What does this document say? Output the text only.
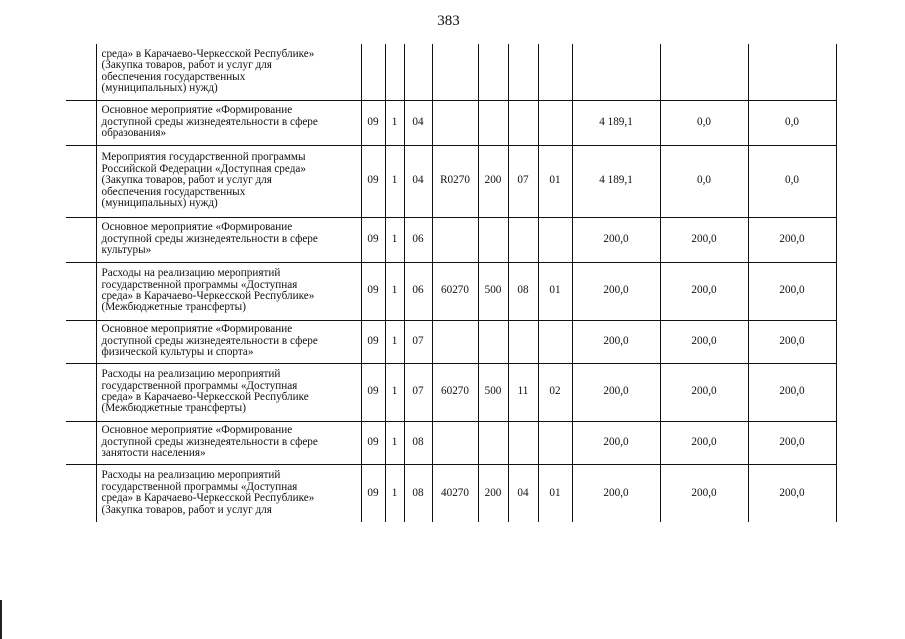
383

	среда» в Карачаево-Черкесской Республике»
(Закупка товаров, работ и услуг для
обеспечения государственных
(муниципальных) нужд)										

	Основное мероприятие «Формирование
доступной среды жизнедеятельности в сфере
образования»	09	1	04					4 189,1	0,0	0,0

	Мероприятия государственной программы
Российской Федерации «Доступная среда»
(Закупка товаров, работ и услуг для
обеспечения государственных
(муниципальных) нужд)	09	1	04	R0270	200	07	01	4 189,1	0,0	0,0

	Основное мероприятие «Формирование
доступной среды жизнедеятельности в сфере
культуры»	09	1	06					200,0	200,0	200,0

	Расходы на реализацию мероприятий
государственной программы «Доступная
среда» в Карачаево-Черкесской Республике»
(Межбюджетные трансферты)	09	1	06	60270	500	08	01	200,0	200,0	200,0

	Основное мероприятие «Формирование
доступной среды жизнедеятельности в сфере
физической культуры и спорта»	09	1	07					200,0	200,0	200,0

	Расходы на реализацию мероприятий
государственной программы «Доступная
среда» в Карачаево-Черкесской Республике
(Межбюджетные трансферты)	09	1	07	60270	500	11	02	200,0	200,0	200,0

	Основное мероприятие «Формирование
доступной среды жизнедеятельности в сфере
занятости населения»	09	1	08					200,0	200,0	200,0

	Расходы на реализацию мероприятий
государственной программы «Доступная
среда» в Карачаево-Черкесской Республике»
(Закупка товаров, работ и услуг для	09	1	08	40270	200	04	01	200,0	200,0	200,0
